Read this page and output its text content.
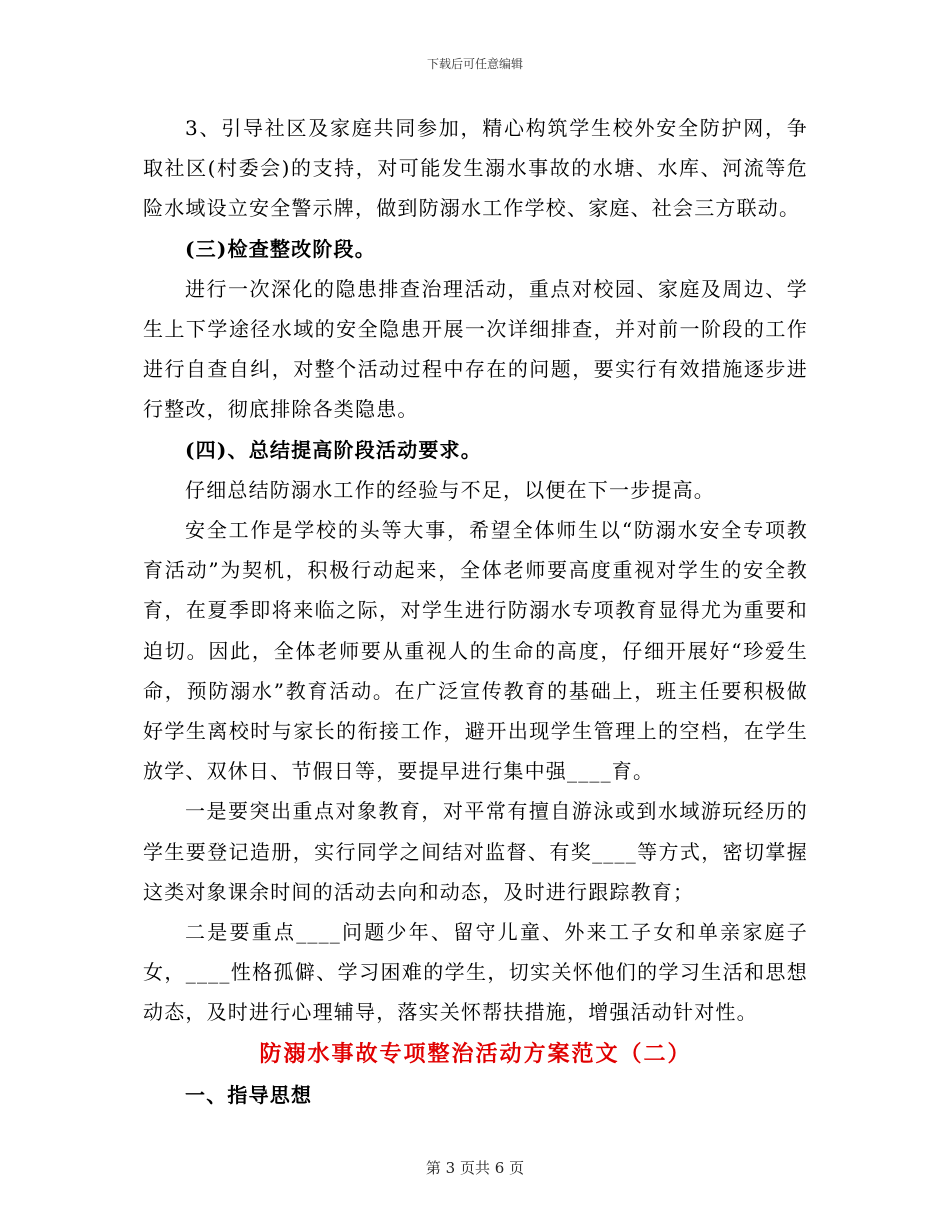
下载后可任意编辑

3、引导社区及家庭共同参加，精心构筑学生校外安全防护网，争取社区(村委会)的支持，对可能发生溺水事故的水塘、水库、河流等危险水域设立安全警示牌，做到防溺水工作学校、家庭、社会三方联动。

(三)检查整改阶段。

进行一次深化的隐患排查治理活动，重点对校园、家庭及周边、学生上下学途径水域的安全隐患开展一次详细排查，并对前一阶段的工作进行自查自纠，对整个活动过程中存在的问题，要实行有效措施逐步进行整改，彻底排除各类隐患。

(四)、总结提高阶段活动要求。

仔细总结防溺水工作的经验与不足，以便在下一步提高。

安全工作是学校的头等大事，希望全体师生以“防溺水安全专项教育活动”为契机，积极行动起来，全体老师要高度重视对学生的安全教育，在夏季即将来临之际，对学生进行防溺水专项教育显得尤为重要和迫切。因此，全体老师要从重视人的生命的高度，仔细开展好“珍爱生命，预防溺水”教育活动。在广泛宣传教育的基础上，班主任要积极做好学生离校时与家长的衔接工作，避开出现学生管理上的空档，在学生放学、双休日、节假日等，要提早进行集中强____育。

一是要突出重点对象教育，对平常有擅自游泳或到水域游玩经历的学生要登记造册，实行同学之间结对监督、有奖____等方式，密切掌握这类对象课余时间的活动去向和动态，及时进行跟踪教育；

二是要重点____问题少年、留守儿童、外来工子女和单亲家庭子女，____性格孤僻、学习困难的学生，切实关怀他们的学习生活和思想动态，及时进行心理辅导，落实关怀帮扶措施，增强活动针对性。

防溺水事故专项整治活动方案范文（二）

一、指导思想

第 3 页共 6 页
